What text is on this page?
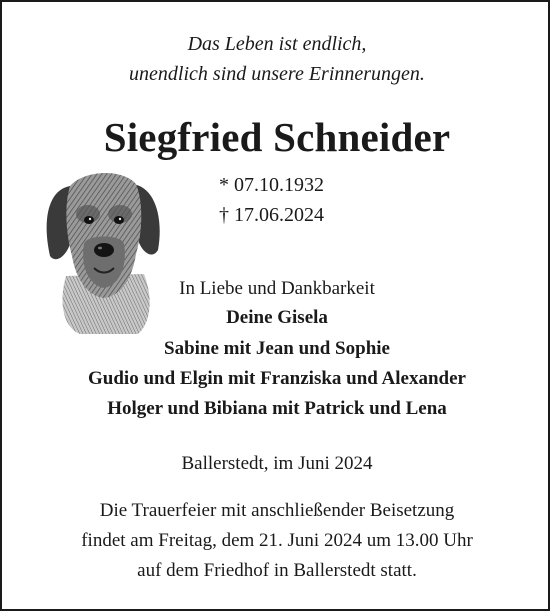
Das Leben ist endlich,
unendlich sind unsere Erinnerungen.
Siegfried Schneider
* 07.10.1932
† 17.06.2024
In Liebe und Dankbarkeit
Deine Gisela
Sabine mit Jean und Sophie
Gudio und Elgin mit Franziska und Alexander
Holger und Bibiana mit Patrick und Lena
Ballerstedt, im Juni 2024
Die Trauerfeier mit anschließender Beisetzung
findet am Freitag, dem 21. Juni 2024 um 13.00 Uhr
auf dem Friedhof in Ballerstedt statt.
